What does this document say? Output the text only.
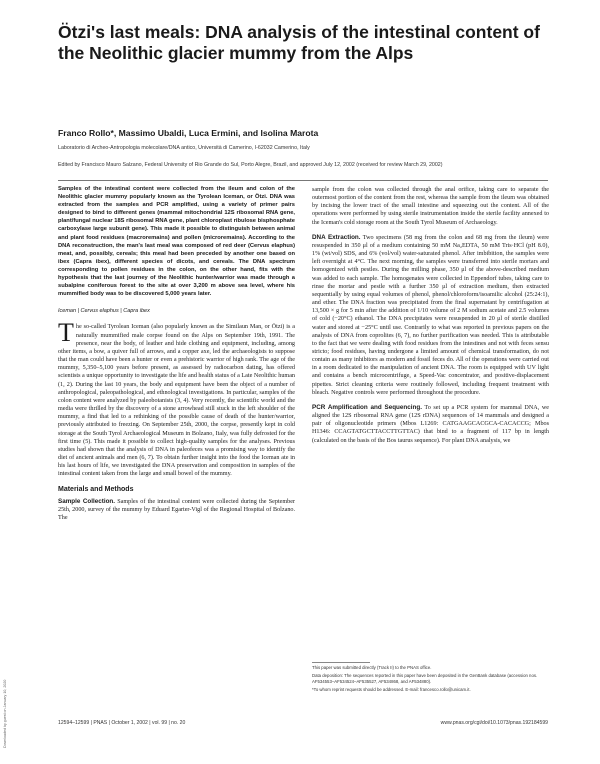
Downloaded by guest on January 10, 2020
Ötzi's last meals: DNA analysis of the intestinal content of the Neolithic glacier mummy from the Alps
Franco Rollo*, Massimo Ubaldi, Luca Ermini, and Isolina Marota
Laboratorio di Archeo-Antropologia molecolare/DNA antico, Università di Camerino, I-62032 Camerino, Italy
Edited by Francisco Mauro Salzano, Federal University of Rio Grande do Sul, Porto Alegre, Brazil, and approved July 12, 2002 (received for review March 29, 2002)

Samples of the intestinal content were collected from the ileum and colon of the Neolithic glacier mummy popularly known as the Tyrolean Iceman, or Ötzi. DNA was extracted from the samples and PCR amplified, using a variety of primer pairs designed to bind to different genes (mammal mitochondrial 12S ribosomal RNA gene, plant/fungal nuclear 18S ribosomal RNA gene, plant chloroplast ribulose bisphosphate carboxylase large subunit gene). This made it possible to distinguish between animal and plant food residues (macroremains) and pollen (microremains). According to the DNA reconstruction, the man's last meal was composed of red deer (Cervus elaphus) meat, and, possibly, cereals; this meal had been preceded by another one based on ibex (Capra ibex), different species of dicots, and cereals. The DNA spectrum corresponding to pollen residues in the colon, on the other hand, fits with the hypothesis that the last journey of the Neolithic hunter/warrior was made through a subalpine coniferous forest to the site at over 3,200 m above sea level, where his mummified body was to be discovered 5,000 years later.

Iceman | Cervus elaphus | Capra ibex

The so-called Tyrolean Iceman (also popularly known as the Similaun Man, or Ötzi) is a naturally mummified male corpse found on the Alps on September 19th, 1991. The presence, near the body, of leather and hide clothing and equipment, including, among other items, a bow, a quiver full of arrows, and a copper axe, led the archaeologists to suppose that the man could have been a hunter or even a prehistoric warrior of high rank. The age of the mummy, 5,350–5,100 years before present, as assessed by radiocarbon dating, has offered scientists a unique opportunity to investigate the life and health status of a Late Neolithic human (1, 2). During the last 10 years, the body and equipment have been the object of a number of anthropological, paleopathological, and ethnological investigations. In particular, samples of the colon content were analyzed by paleobotanists (3, 4). Very recently, the scientific world and the media were thrilled by the discovery of a stone arrowhead still stuck in the left shoulder of the mummy, a find that led to a rethinking of the possible cause of death of the hunter/warrior, previously attributed to freezing. On September 25th, 2000, the corpse, presently kept in cold storage at the South Tyrol Archaeological Museum in Bolzano, Italy, was fully defrosted for the first time (5). This made it possible to collect high-quality samples for the analyses. Previous studies had shown that the analysis of DNA in paleofeces was a promising way to identify the diet of ancient animals and men (6, 7). To obtain further insight into the food the Iceman ate in his last hours of life, we investigated the DNA preservation and composition in samples of the intestinal content taken from the large and small bowel of the mummy.

Materials and Methods

Sample Collection. Samples of the intestinal content were collected during the September 25th, 2000, survey of the mummy by Eduard Egarter-Vigl of the Regional Hospital of Bolzano. The

sample from the colon was collected through the anal orifice, taking care to separate the outermost portion of the content from the rest, whereas the sample from the ileum was obtained by incising the lower tract of the small intestine and squeezing out the content. All of the operations were performed by using sterile instrumentation inside the sterile facility annexed to the Iceman's cold storage room at the South Tyrol Museum of Archaeology.

DNA Extraction. Two specimens (58 mg from the colon and 68 mg from the ileum) were resuspended in 350 μl of a medium containing 50 mM Na₂EDTA, 50 mM Tris·HCl (pH 8.0), 1% (wt/vol) SDS, and 6% (vol/vol) water-saturated phenol. After imbibition, the samples were left overnight at 4°C. The next morning, the samples were transferred into sterile mortars and homogenized with pestles. During the milling phase, 350 μl of the above-described medium was added to each sample. The homogenates were collected in Eppendorf tubes, taking care to rinse the mortar and pestle with a further 350 μl of extraction medium, then extracted sequentially by using equal volumes of phenol, phenol/chloroform/isoamilic alcohol (25:24:1), and ether. The DNA fraction was precipitated from the final supernatant by centrifugation at 13,500 × g for 5 min after the addition of 1/10 volume of 2 M sodium acetate and 2.5 volumes of cold (−20°C) ethanol. The DNA precipitates were resuspended in 20 μl of sterile distilled water and stored at −25°C until use. Contrarily to what was reported in previous papers on the analysis of DNA from coprolites (6, 7), no further purification was needed. This is attributable to the fact that we were dealing with food residues from the intestines and not with feces sensu stricto; food residues, having undergone a limited amount of chemical transformation, do not contain as many inhibitors as modern and fossil feces do. All of the operations were carried out in a room dedicated to the manipulation of ancient DNA. The room is equipped with UV light and contains a bench microcentrifuge, a Speed-Vac concentrator, and positive-displacement pipettes. Strict cleaning criteria were routinely followed, including frequent treatment with bleach. Negative controls were performed throughout the procedure.

PCR Amplification and Sequencing. To set up a PCR system for mammal DNA, we aligned the 12S ribosomal RNA gene (12S rDNA) sequences of 14 mammals and designed a pair of oligonucleotide primers (Mbos L1269: CATGAAGCACGCA-CACACCG; Mbos H1346: CCAGTATGCTTACCTTGTTAC) that bind to a fragment of 117 bp in length (calculated on the basis of the Bos taurus sequence). For plant DNA analysis, we

This paper was submitted directly (Track II) to the PNAS office.

Data deposition: The sequences reported in this paper have been deposited in the GenBank database (accession nos. AF534553–AF534524–AF535527, AF534868, and AF534880).

*To whom reprint requests should be addressed. E-mail: francesco.rollo@unicam.it.

12594–12599 | PNAS | October 1, 2002 | vol. 99 | no. 20	www.pnas.org/cgi/doi/10.1073/pnas.192184599
